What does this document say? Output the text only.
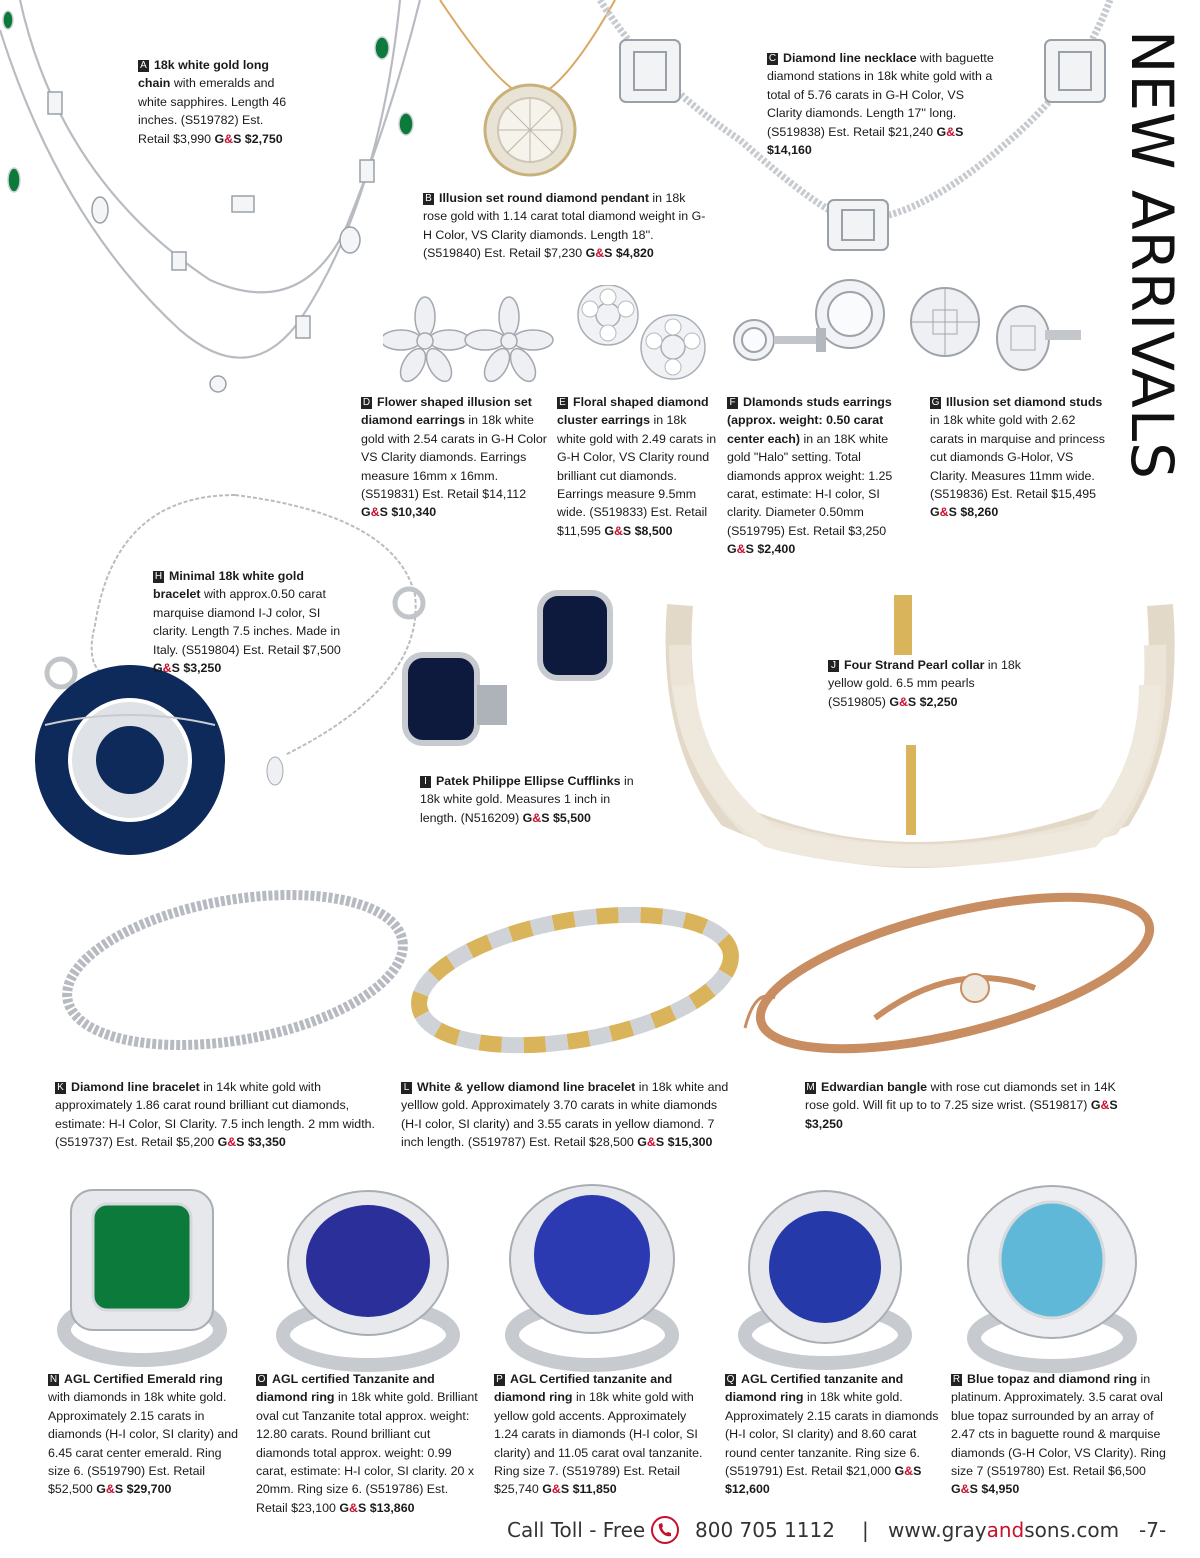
NEW ARRIVALS
A 18k white gold long chain with emeralds and white sapphires. Length 46 inches. (S519782) Est. Retail $3,990 G&S $2,750
B Illusion set round diamond pendant in 18k rose gold with 1.14 carat total diamond weight in G-H Color, VS Clarity diamonds. Length 18''. (S519840) Est. Retail $7,230 G&S $4,820
C Diamond line necklace with baguette diamond stations in 18k white gold with a total of 5.76 carats in G-H Color, VS Clarity diamonds. Length 17'' long. (S519838) Est. Retail $21,240 G&S $14,160
D Flower shaped illusion set diamond earrings in 18k white gold with 2.54 carats in G-H Color VS Clarity diamonds. Earrings measure 16mm x 16mm. (S519831) Est. Retail $14,112 G&S $10,340
E Floral shaped diamond cluster earrings in 18k white gold with 2.49 carats in G-H Color, VS Clarity round brilliant cut diamonds. Earrings measure 9.5mm wide. (S519833) Est. Retail $11,595 G&S $8,500
F DIamonds studs earrings (approx. weight: 0.50 carat center each) in an 18K white gold "Halo" setting. Total diamonds approx weight: 1.25 carat, estimate: H-I color, SI clarity. Diameter 0.50mm (S519795) Est. Retail $3,250 G&S $2,400
G Illusion set diamond studs in 18k white gold with 2.62 carats in marquise and princess cut diamonds G-Holor, VS Clarity. Measures 11mm wide. (S519836) Est. Retail $15,495 G&S $8,260
H Minimal 18k white gold bracelet with approx.0.50 carat marquise diamond I-J color, SI clarity. Length 7.5 inches. Made in Italy. (S519804) Est. Retail $7,500 G&S $3,250
I Patek Philippe Ellipse Cufflinks in 18k white gold. Measures 1 inch in length. (N516209) G&S $5,500
J Four Strand Pearl collar in 18k yellow gold. 6.5 mm pearls (S519805) G&S $2,250
K Diamond line bracelet in 14k white gold with approximately 1.86 carat round brilliant cut diamonds, estimate: H-I Color, SI Clarity. 7.5 inch length. 2 mm width. (S519737) Est. Retail $5,200 G&S $3,350
L White & yellow diamond line bracelet in 18k white and yelllow gold. Approximately 3.70 carats in white diamonds (H-I color, SI clarity) and 3.55 carats in yellow diamond. 7 inch length. (S519787) Est. Retail $28,500 G&S $15,300
M Edwardian bangle with rose cut diamonds set in 14K rose gold. Will fit up to to 7.25 size wrist. (S519817) G&S $3,250
N AGL Certified Emerald ring with diamonds in 18k white gold. Approximately 2.15 carats in diamonds (H-I color, SI clarity) and 6.45 carat center emerald. Ring size 6. (S519790) Est. Retail $52,500 G&S $29,700
O AGL certified Tanzanite and diamond ring in 18k white gold. Brilliant oval cut Tanzanite total approx. weight: 12.80 carats. Round brilliant cut diamonds total approx. weight: 0.99 carat, estimate: H-I color, SI clarity. 20 x 20mm. Ring size 6. (S519786) Est. Retail $23,100 G&S $13,860
P AGL Certified tanzanite and diamond ring in 18k white gold with yellow gold accents. Approximately 1.24 carats in diamonds (H-I color, SI clarity) and 11.05 carat oval tanzanite. Ring size 7. (S519789) Est. Retail $25,740 G&S $11,850
Q AGL Certified tanzanite and diamond ring in 18k white gold. Approximately 2.15 carats in diamonds (H-I color, SI clarity) and 8.60 carat round center tanzanite. Ring size 6. (S519791) Est. Retail $21,000 G&S $12,600
R Blue topaz and diamond ring in platinum. Approximately. 3.5 carat oval blue topaz surrounded by an array of 2.47 cts in baguette round & marquise diamonds (G-H Color, VS Clarity). Ring size 7 (S519780) Est. Retail $6,500 G&S $4,950
Call Toll - Free 800 705 1112 | www.grayandsons.com -7-
